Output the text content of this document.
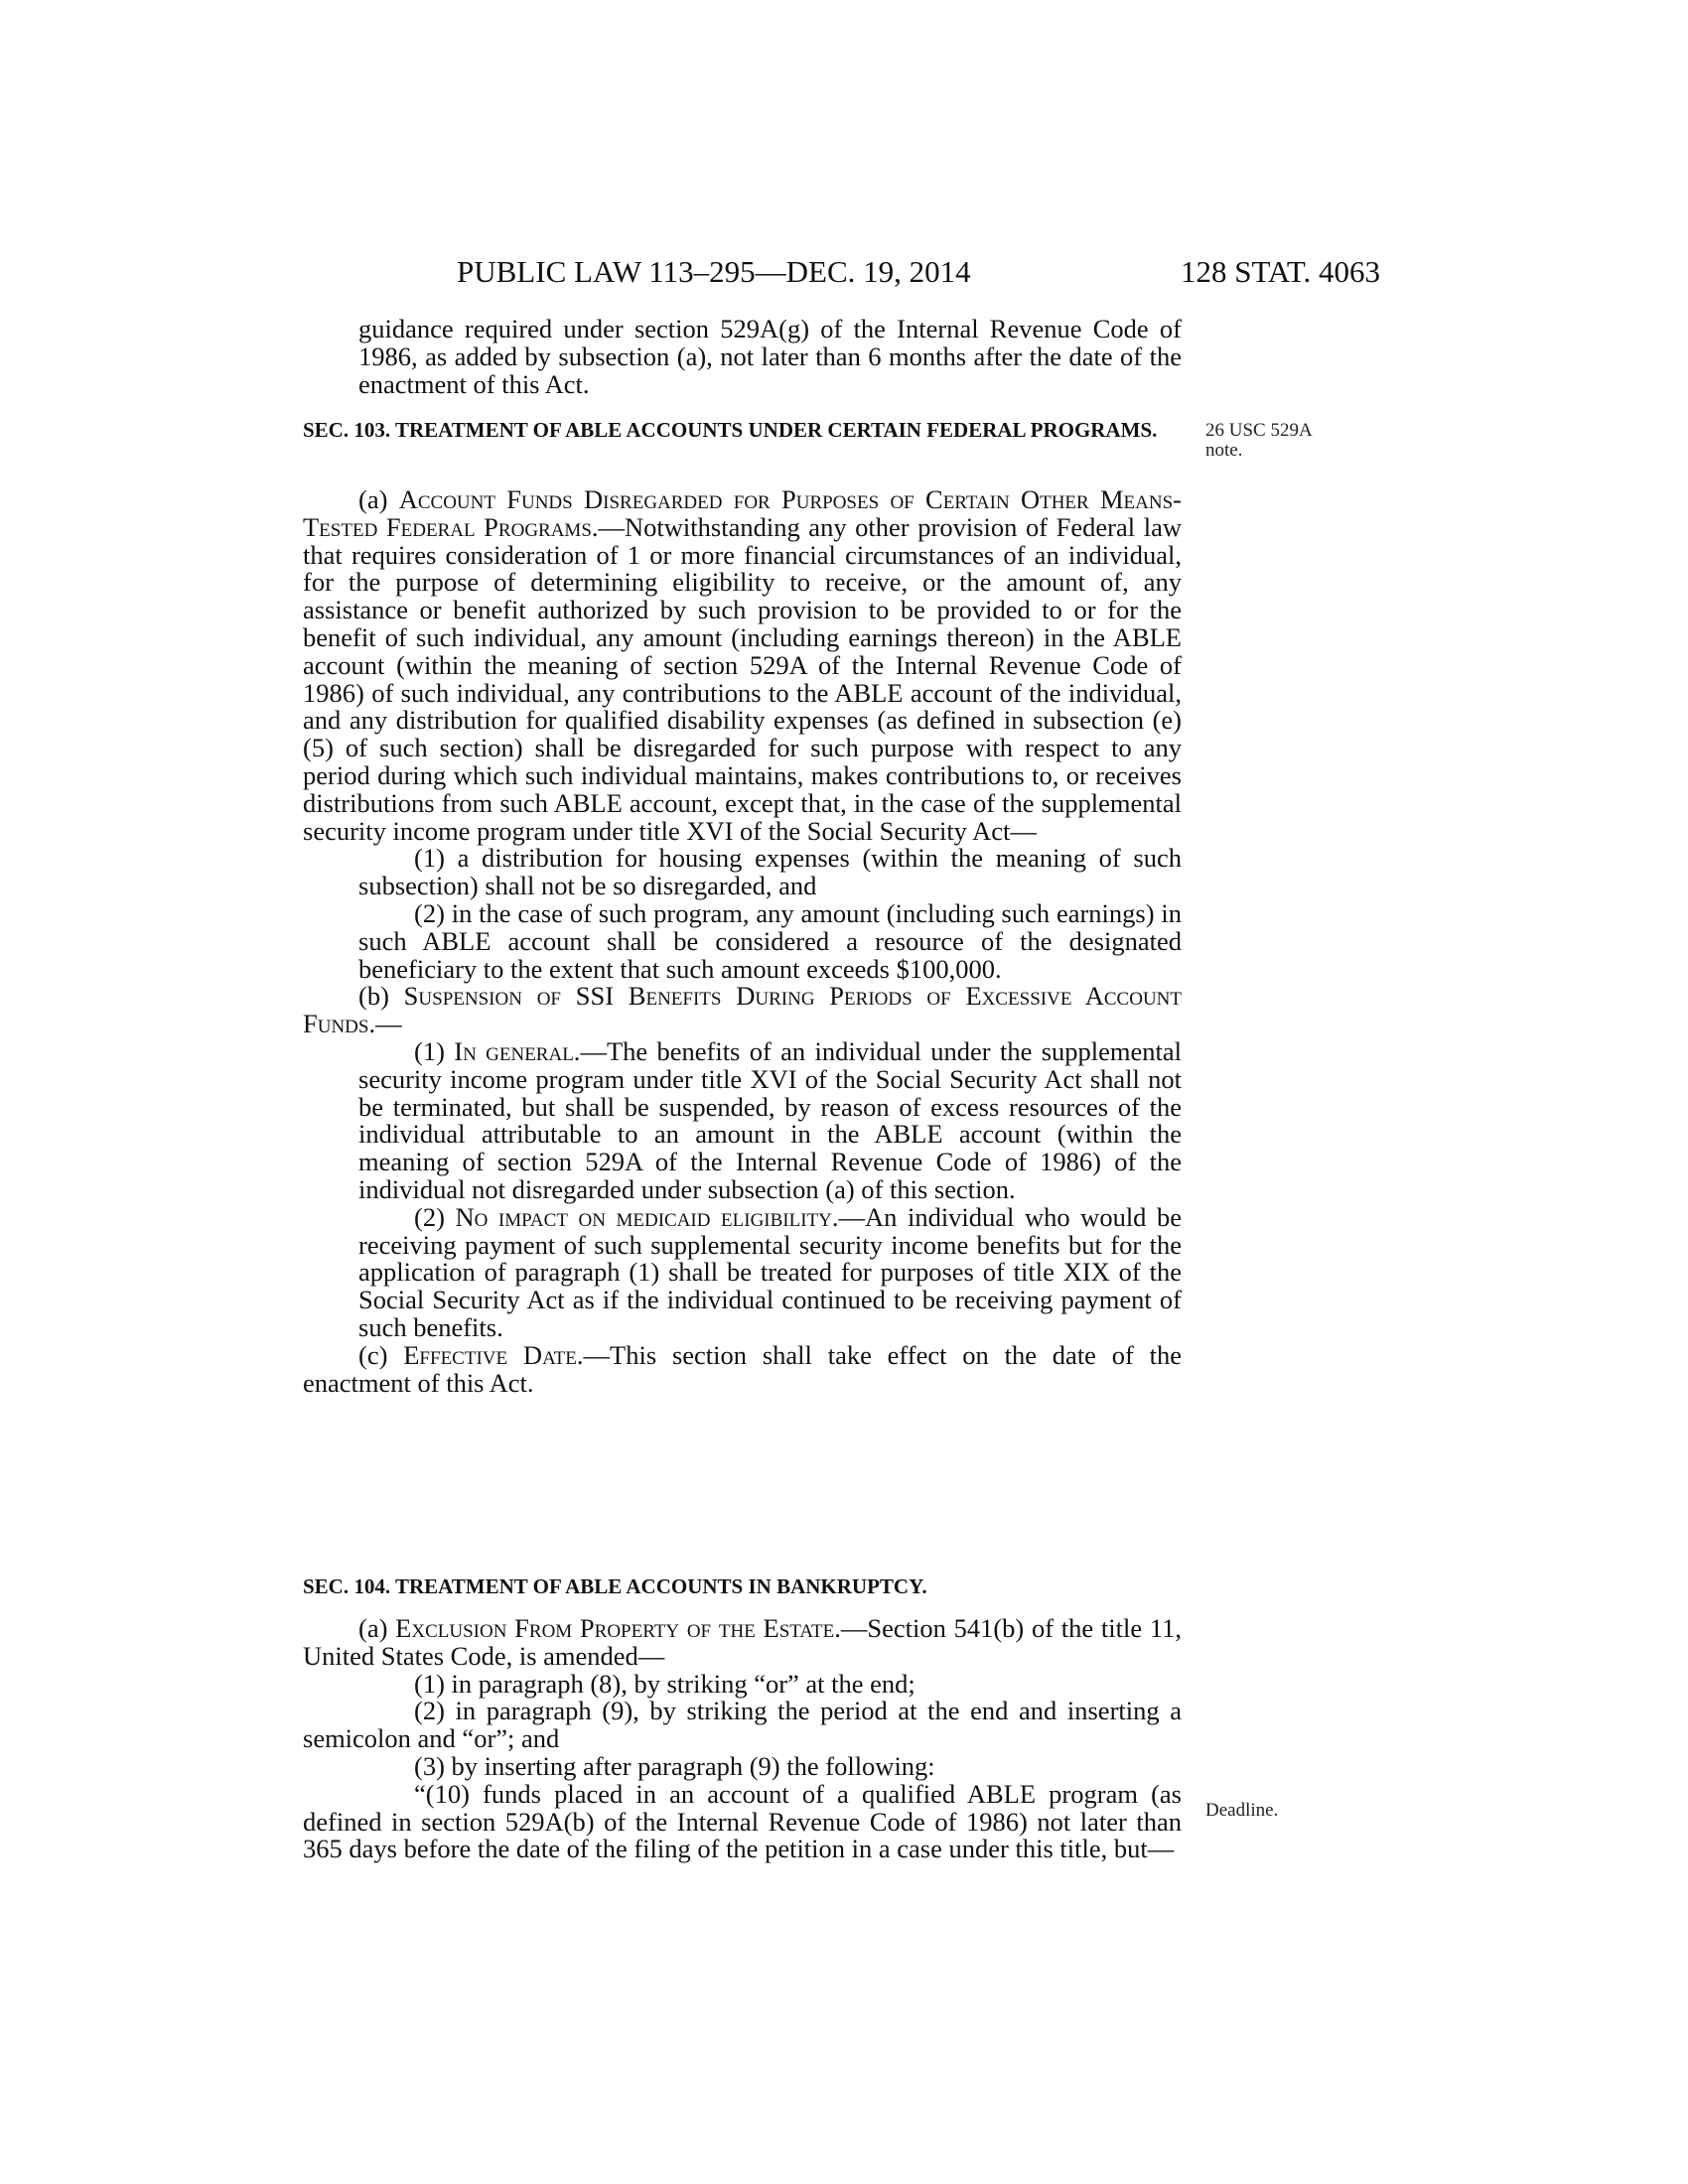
PUBLIC LAW 113–295—DEC. 19, 2014	128 STAT. 4063

guidance required under section 529A(g) of the Internal Revenue Code of 1986, as added by subsection (a), not later than 6 months after the date of the enactment of this Act.

SEC. 103. TREATMENT OF ABLE ACCOUNTS UNDER CERTAIN FEDERAL PROGRAMS.	26 USC 529A
note.

(a) Account Funds Disregarded for Purposes of Certain Other Means-Tested Federal Programs.—Notwithstanding any other provision of Federal law that requires consideration of 1 or more financial circumstances of an individual, for the purpose of determining eligibility to receive, or the amount of, any assistance or benefit authorized by such provision to be provided to or for the benefit of such individual, any amount (including earnings thereon) in the ABLE account (within the meaning of section 529A of the Internal Revenue Code of 1986) of such individual, any contributions to the ABLE account of the individual, and any distribution for qualified disability expenses (as defined in subsection (e)(5) of such section) shall be disregarded for such purpose with respect to any period during which such individual maintains, makes contributions to, or receives distributions from such ABLE account, except that, in the case of the supplemental security income program under title XVI of the Social Security Act—

(1) a distribution for housing expenses (within the meaning of such subsection) shall not be so disregarded, and

(2) in the case of such program, any amount (including such earnings) in such ABLE account shall be considered a resource of the designated beneficiary to the extent that such amount exceeds $100,000.

(b) Suspension of SSI Benefits During Periods of Excessive Account Funds.—

(1) In general.—The benefits of an individual under the supplemental security income program under title XVI of the Social Security Act shall not be terminated, but shall be suspended, by reason of excess resources of the individual attributable to an amount in the ABLE account (within the meaning of section 529A of the Internal Revenue Code of 1986) of the individual not disregarded under subsection (a) of this section.

(2) No impact on medicaid eligibility.—An individual who would be receiving payment of such supplemental security income benefits but for the application of paragraph (1) shall be treated for purposes of title XIX of the Social Security Act as if the individual continued to be receiving payment of such benefits.

(c) Effective Date.—This section shall take effect on the date of the enactment of this Act.

SEC. 104. TREATMENT OF ABLE ACCOUNTS IN BANKRUPTCY.

(a) Exclusion From Property of the Estate.—Section 541(b) of the title 11, United States Code, is amended—

(1) in paragraph (8), by striking “or” at the end;

(2) in paragraph (9), by striking the period at the end and inserting a semicolon and “or”; and

(3) by inserting after paragraph (9) the following:

“(10) funds placed in an account of a qualified ABLE program (as defined in section 529A(b) of the Internal Revenue Code of 1986) not later than 365 days before the date of the filing of the petition in a case under this title, but—

Deadline.
